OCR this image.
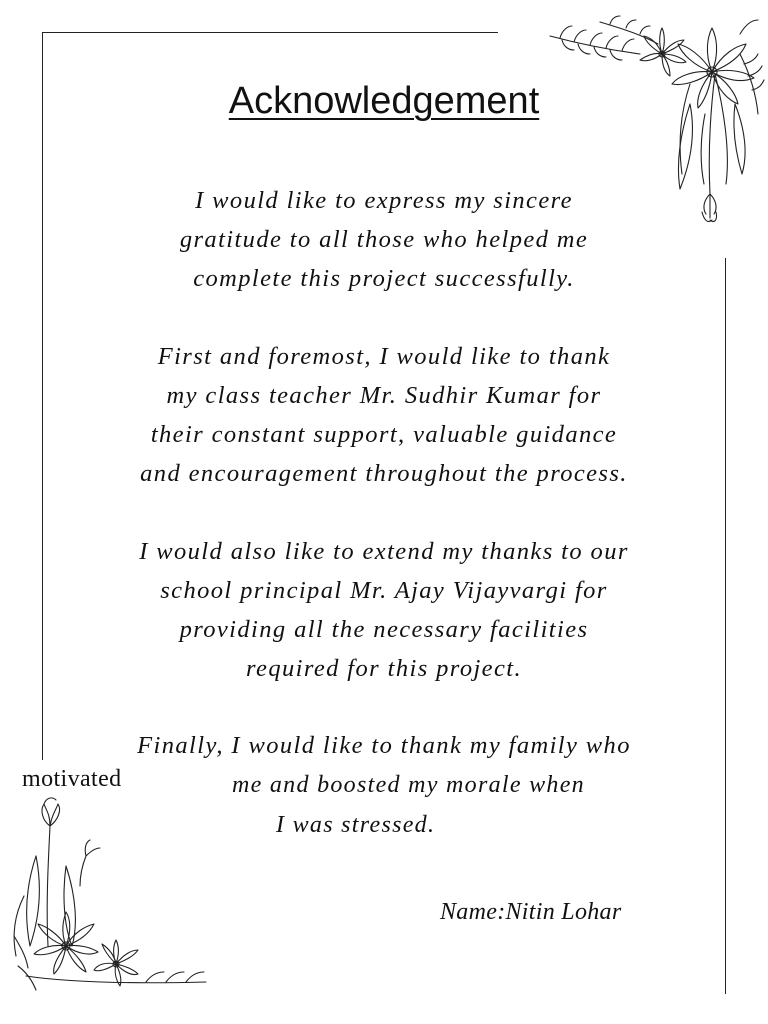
Acknowledgement
I would like to express my sincere
gratitude to all those who helped me
complete this project successfully.
First and foremost, I would like to thank
my class teacher Mr. Sudhir Kumar for
their constant support, valuable guidance
and encouragement throughout the process.
I would also like to extend my thanks to our
school principal Mr. Ajay Vijayvargi for
providing all the necessary facilities
required for this project.
Finally, I would like to thank my family who
motivated	me and boosted my morale when
I was stressed.
Name:Nitin Lohar
